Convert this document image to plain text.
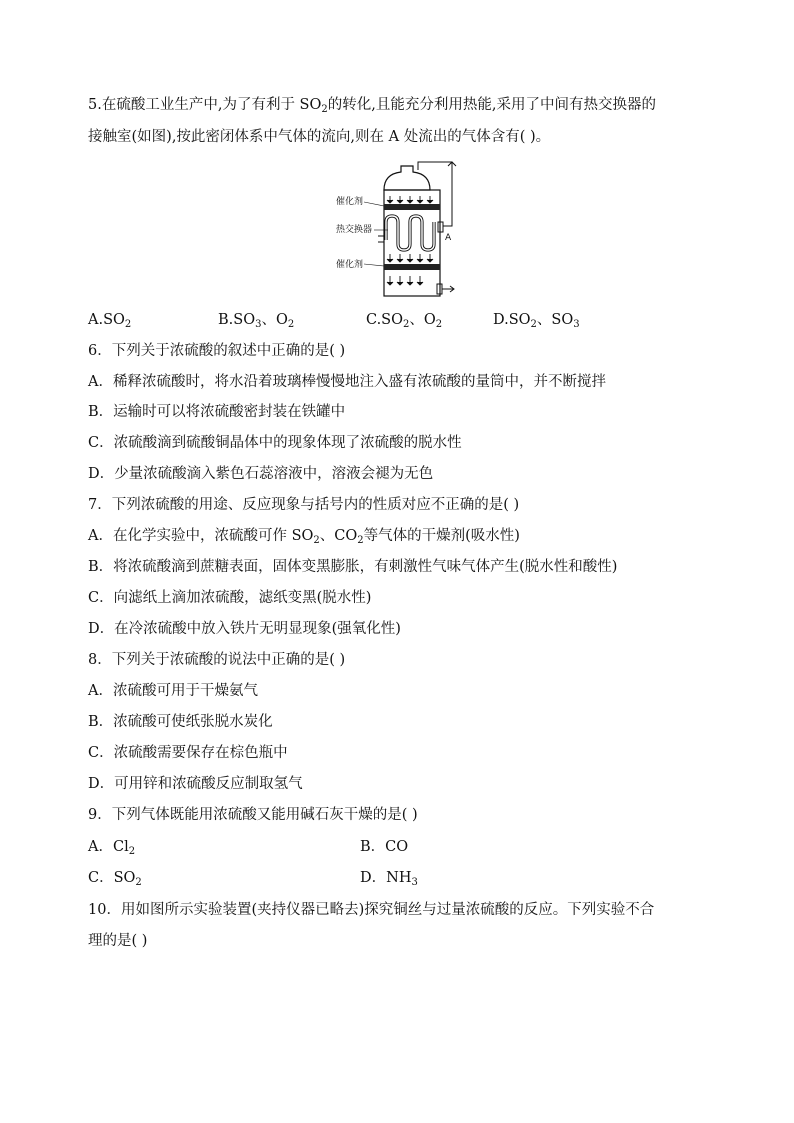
5.在硫酸工业生产中,为了有利于 $SO_2$的转化,且能充分利用热能,采用了中间有热交换器的
接触室(如图),按此密闭体系中气体的流向,则在 A 处流出的气体含有( )。
催化剂
热交换器
催化剂
A
$A.SO_2$	$B.SO_3$、$O_2$	$C.SO_2$、$O_2$	$D.SO_2$、$SO_3$
6．下列关于浓硫酸的叙述中正确的是( )
A．稀释浓硫酸时，将水沿着玻璃棒慢慢地注入盛有浓硫酸的量筒中，并不断搅拌
B．运输时可以将浓硫酸密封装在铁罐中
C．浓硫酸滴到硫酸铜晶体中的现象体现了浓硫酸的脱水性
D．少量浓硫酸滴入紫色石蕊溶液中，溶液会褪为无色
7．下列浓硫酸的用途、反应现象与括号内的性质对应不正确的是( )
A．在化学实验中，浓硫酸可作 $SO_2$、$CO_2$等气体的干燥剂(吸水性)
B．将浓硫酸滴到蔗糖表面，固体变黑膨胀，有刺激性气味气体产生(脱水性和酸性)
C．向滤纸上滴加浓硫酸，滤纸变黑(脱水性)
D．在冷浓硫酸中放入铁片无明显现象(强氧化性)
8．下列关于浓硫酸的说法中正确的是( )
A．浓硫酸可用于干燥氨气
B．浓硫酸可使纸张脱水炭化
C．浓硫酸需要保存在棕色瓶中
D．可用锌和浓硫酸反应制取氢气
9．下列气体既能用浓硫酸又能用碱石灰干燥的是( )
A．$Cl_2$	B．CO
C．$SO_2$	D．$NH_3$
10．用如图所示实验装置(夹持仪器已略去)探究铜丝与过量浓硫酸的反应。下列实验不合
理的是( )
